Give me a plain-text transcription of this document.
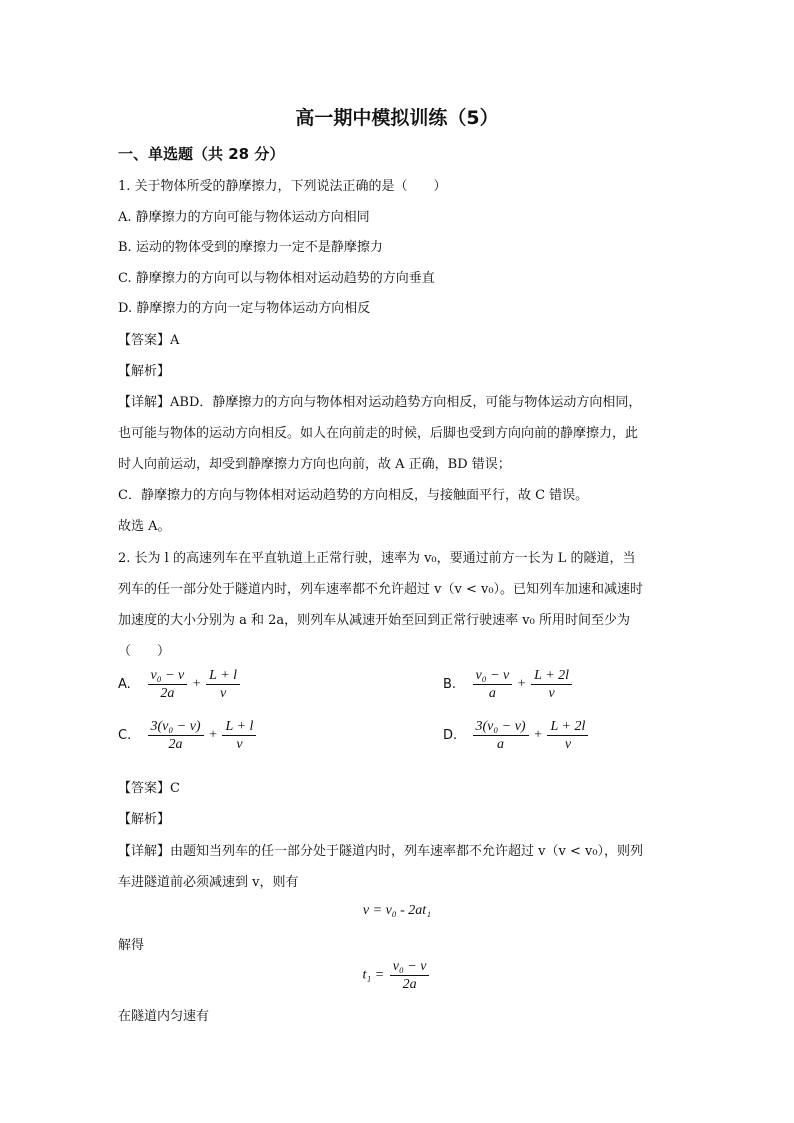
高一期中模拟训练（5）
一、单选题（共 28 分）
1. 关于物体所受的静摩擦力，下列说法正确的是（　　）
A. 静摩擦力的方向可能与物体运动方向相同
B. 运动的物体受到的摩擦力一定不是静摩擦力
C. 静摩擦力的方向可以与物体相对运动趋势的方向垂直
D. 静摩擦力的方向一定与物体运动方向相反
【答案】A
【解析】
【详解】ABD．静摩擦力的方向与物体相对运动趋势方向相反，可能与物体运动方向相同，
也可能与物体的运动方向相反。如人在向前走的时候，后脚也受到方向向前的静摩擦力，此
时人向前运动，却受到静摩擦力方向也向前，故 A 正确，BD 错误；
C．静摩擦力的方向与物体相对运动趋势的方向相反，与接触面平行，故 C 错误。
故选 A。
2. 长为 l 的高速列车在平直轨道上正常行驶，速率为 v₀，要通过前方一长为 L 的隧道，当
列车的任一部分处于隧道内时，列车速率都不允许超过 v（v < v₀）。已知列车加速和减速时
加速度的大小分别为 a 和 2a，则列车从减速开始至回到正常行驶速率 v₀ 所用时间至少为
（　　）
A. $\frac{\text{v₀ − v}}{2a} + \frac{L + l}{v}$	B. $\frac{\text{v₀ − v}}{a} + \frac{L + 2l}{v}$
C. $\frac{\text{3(v₀ − v)}}{2a} + \frac{L + l}{v}$	D. $\frac{\text{3(v₀ − v)}}{a} + \frac{L + 2l}{v}$
【答案】C
【解析】
【详解】由题知当列车的任一部分处于隧道内时，列车速率都不允许超过 v（v < v₀），则列
车进隧道前必须减速到 v，则有
v = v₀ - 2at₁
解得
$t_1 = \frac{\text{v₀ − v}}{2a}$
在隧道内匀速有
